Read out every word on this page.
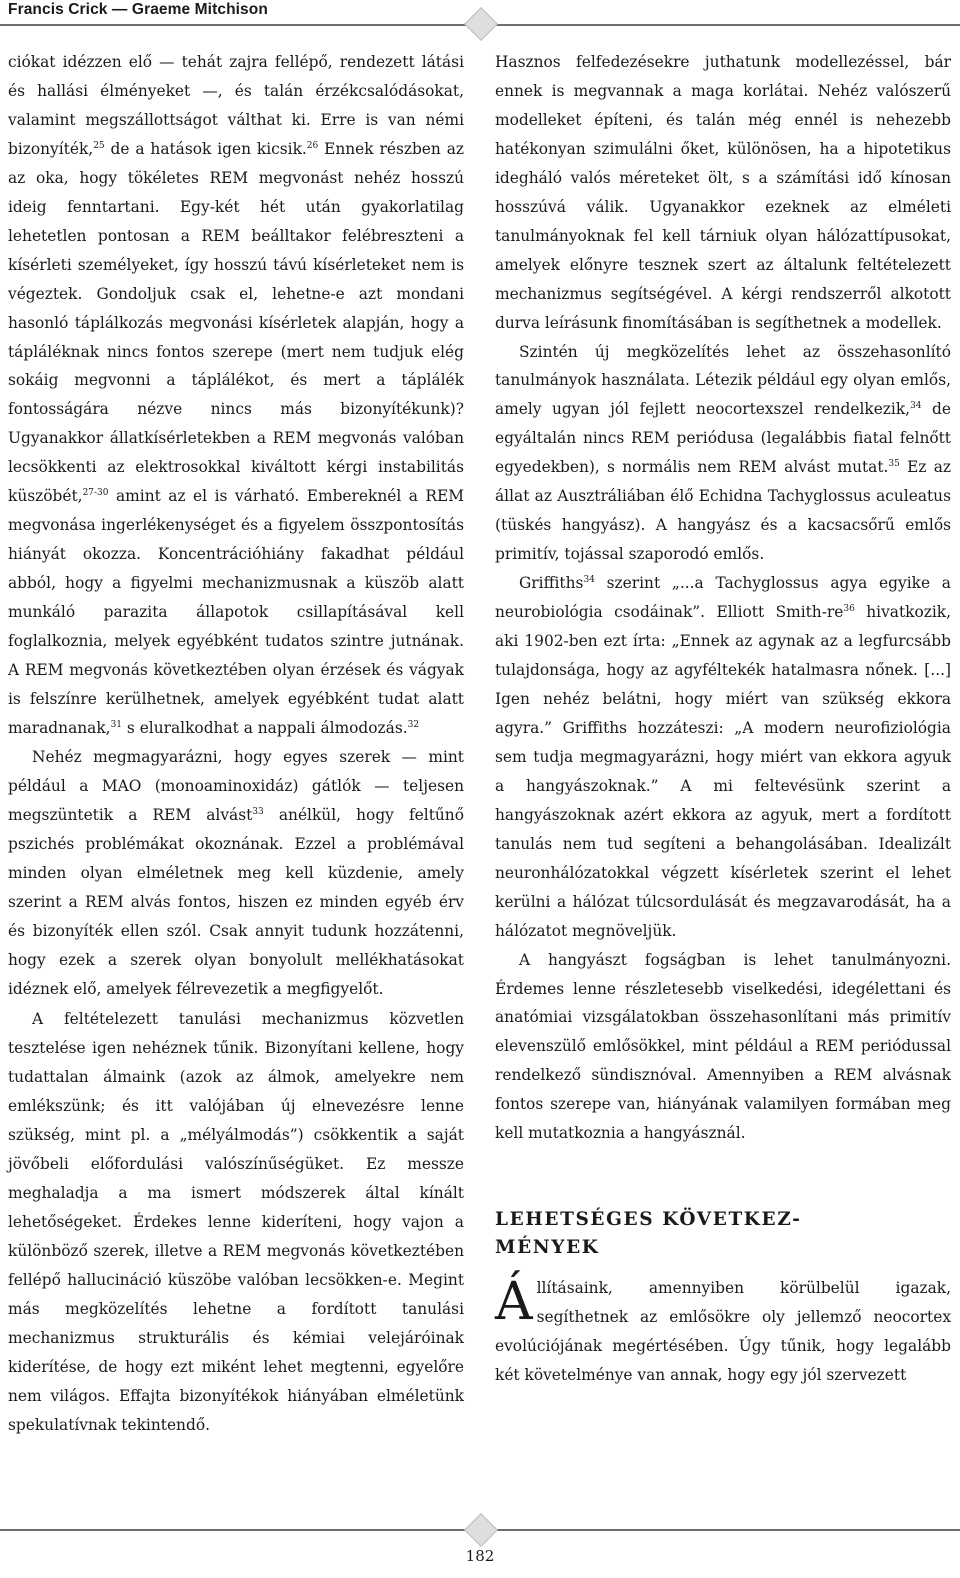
Francis Crick — Graeme Mitchison

ciókat idézzen elő — tehát zajra fellépő, rendezett látási és hallási élményeket —, és talán érzékcsalódásokat, valamint megszállottságot válthat ki. Erre is van némi bizonyíték,$^{25}$ de a hatások igen kicsik.$^{26}$ Ennek részben az az oka, hogy tökéletes REM megvonást nehéz hosszú ideig fenntartani. Egy-két hét után gyakorlatilag lehetetlen pontosan a REM beálltakor felébreszteni a kísérleti személyeket, így hosszú távú kísérleteket nem is végeztek. Gondoljuk csak el, lehetne-e azt mondani hasonló táplálkozás megvonási kísérletek alapján, hogy a tápláléknak nincs fontos szerepe (mert nem tudjuk elég sokáig megvonni a táplálékot, és mert a táplálék fontosságára nézve nincs más bizonyítékunk)? Ugyanakkor állatkísérletekben a REM megvonás valóban lecsökkenti az elektrosokkal kiváltott kérgi instabilitás küszöbét,$^{27-30}$ amint az el is várható. Embereknél a REM megvonása ingerlékenységet és a figyelem összpontosítás hiányát okozza. Koncentrációhiány fakadhat például abból, hogy a figyelmi mechanizmusnak a küszöb alatt munkáló parazita állapotok csillapításával kell foglalkoznia, melyek egyébként tudatos szintre jutnának. A REM megvonás következtében olyan érzések és vágyak is felszínre kerülhetnek, amelyek egyébként tudat alatt maradnanak,$^{31}$ s eluralkodhat a nappali álmodozás.$^{32}$

Nehéz megmagyarázni, hogy egyes szerek — mint például a MAO (monoaminoxidáz) gátlók — teljesen megszüntetik a REM alvást$^{33}$ anélkül, hogy feltűnő pszichés problémákat okoznának. Ezzel a problémával minden olyan elméletnek meg kell küzdenie, amely szerint a REM alvás fontos, hiszen ez minden egyéb érv és bizonyíték ellen szól. Csak annyit tudunk hozzátenni, hogy ezek a szerek olyan bonyolult mellékhatásokat idéznek elő, amelyek félrevezetik a megfigyelőt.

A feltételezett tanulási mechanizmus közvetlen tesztelése igen nehéznek tűnik. Bizonyítani kellene, hogy tudattalan álmaink (azok az álmok, amelyekre nem emlékszünk; és itt valójában új elnevezésre lenne szükség, mint pl. a „mélyálmodás”) csökkentik a saját jövőbeli előfordulási valószínűségüket. Ez messze meghaladja a ma ismert módszerek által kínált lehetőségeket. Érdekes lenne kideríteni, hogy vajon a különböző szerek, illetve a REM megvonás következtében fellépő hallucináció küszöbe valóban lecsökken-e. Megint más megközelítés lehetne a fordított tanulási mechanizmus strukturális és kémiai velejáróinak kiderítése, de hogy ezt miként lehet megtenni, egyelőre nem világos. Effajta bizonyítékok hiányában elméletünk spekulatívnak tekintendő.

Hasznos felfedezésekre juthatunk modellezéssel, bár ennek is megvannak a maga korlátai. Nehéz valószerű modelleket építeni, és talán még ennél is nehezebb hatékonyan szimulálni őket, különösen, ha a hipotetikus idegháló valós méreteket ölt, s a számítási idő kínosan hosszúvá válik. Ugyanakkor ezeknek az elméleti tanulmányoknak fel kell tárniuk olyan hálózattípusokat, amelyek előnyre tesznek szert az általunk feltételezett mechanizmus segítségével. A kérgi rendszerről alkotott durva leírásunk finomításában is segíthetnek a modellek.

Szintén új megközelítés lehet az összehasonlító tanulmányok használata. Létezik például egy olyan emlős, amely ugyan jól fejlett neocortexszel rendelkezik,$^{34}$ de egyáltalán nincs REM periódusa (legalábbis fiatal felnőtt egyedekben), s normális nem REM alvást mutat.$^{35}$ Ez az állat az Ausztráliában élő Echidna Tachyglossus aculeatus (tüskés hangyász). A hangyász és a kacsacsőrű emlős primitív, tojással szaporodó emlős.

Griffiths$^{34}$ szerint „...a Tachyglossus agya egyike a neurobiológia csodáinak”. Elliott Smith-$re^{36}$ hivatkozik, aki 1902-ben ezt írta: „Ennek az agynak az a legfurcsább tulajdonsága, hogy az agyféltekék hatalmasra nőnek. [...] Igen nehéz belátni, hogy miért van szükség ekkora agyra.” Griffiths hozzáteszi: „A modern neurofiziológia sem tudja megmagyarázni, hogy miért van ekkora agyuk a hangyászoknak.” A mi feltevésünk szerint a hangyászoknak azért ekkora az agyuk, mert a fordított tanulás nem tud segíteni a behangolásában. Idealizált neuronhálózatokkal végzett kísérletek szerint el lehet kerülni a hálózat túlcsordulását és megzavarodását, ha a hálózatot megnöveljük.

A hangyászt fogságban is lehet tanulmányozni. Érdemes lenne részletesebb viselkedési, idegélettani és anatómiai vizsgálatokban összehasonlítani más primitív elevenszülő emlősökkel, mint például a REM periódussal rendelkező sündisznóval. Amennyiben a REM alvásnak fontos szerepe van, hiányának valamilyen formában meg kell mutatkoznia a hangyásznál.

LEHETSÉGES KÖVETKEZ-
MÉNYEK

Állításaink, amennyiben körülbelül igazak, segíthetnek az emlősökre oly jellemző neocortex evolúciójának megértésében. Úgy tűnik, hogy legalább két követelménye van annak, hogy egy jól szervezett

182
